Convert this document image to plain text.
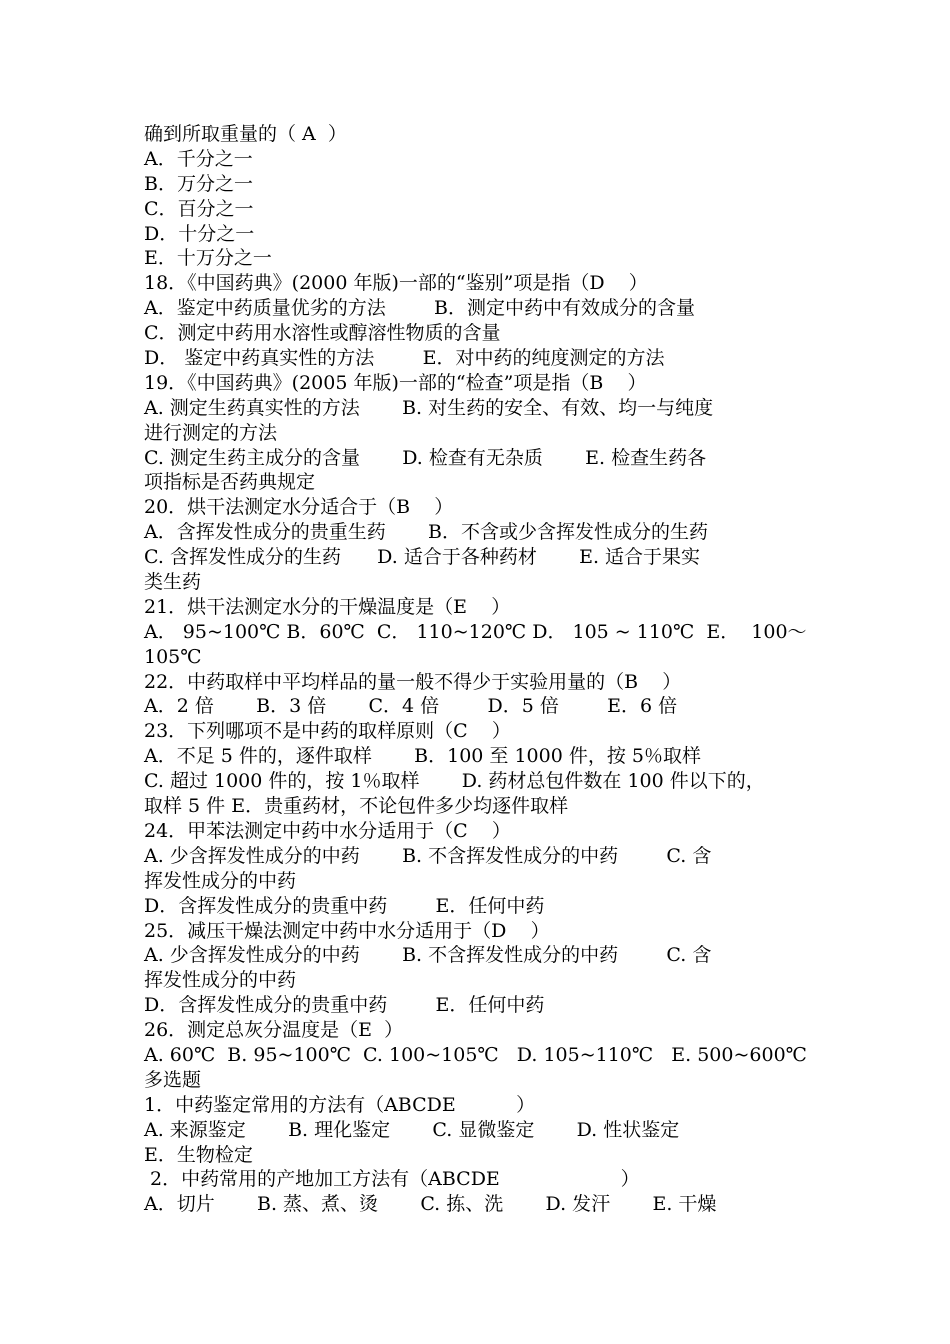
确到所取重量的（ A  ）
A．千分之一
B．万分之一
C．百分之一
D．十分之一
E．十万分之一
18．《中国药典》(2000 年版)一部的“鉴别”项是指（D    ）
A．鉴定中药质量优劣的方法        B．测定中药中有效成分的含量
C．测定中药用水溶性或醇溶性物质的含量
D． 鉴定中药真实性的方法        E．对中药的纯度测定的方法
19．《中国药典》(2005 年版)一部的“检查”项是指（B    ）
A. 测定生药真实性的方法       B. 对生药的安全、有效、均一与纯度
进行测定的方法
C. 测定生药主成分的含量       D. 检查有无杂质       E. 检查生药各
项指标是否药典规定
20．烘干法测定水分适合于（B    ）
A．含挥发性成分的贵重生药       B．不含或少含挥发性成分的生药
C. 含挥发性成分的生药      D. 适合于各种药材       E. 适合于果实
类生药
21．烘干法测定水分的干燥温度是（E    ）
A． 95~100℃ B．60℃  C． 110~120℃ D． 105 ~ 110℃  E．  100～
105℃
22．中药取样中平均样品的量一般不得少于实验用量的（B    ）
A．2 倍       B．3 倍       C．4 倍        D．5 倍        E．6 倍
23．下列哪项不是中药的取样原则（C    ）
A．不足 5 件的，逐件取样       B．100 至 1000 件，按 5％取样
C. 超过 1000 件的，按 1％取样       D. 药材总包件数在 100 件以下的，
取样 5 件 E．贵重药材，不论包件多少均逐件取样
24．甲苯法测定中药中水分适用于（C    ）
A. 少含挥发性成分的中药       B. 不含挥发性成分的中药        C. 含
挥发性成分的中药
D．含挥发性成分的贵重中药        E．任何中药
25．减压干燥法测定中药中水分适用于（D    ）
A. 少含挥发性成分的中药       B. 不含挥发性成分的中药        C. 含
挥发性成分的中药
D．含挥发性成分的贵重中药        E．任何中药
26．测定总灰分温度是（E  ）
A. 60℃  B. 95~100℃  C. 100~105℃   D. 105~110℃   E. 500~600℃
多选题
1．中药鉴定常用的方法有（ABCDE          ）
A. 来源鉴定       B. 理化鉴定       C. 显微鉴定       D. 性状鉴定
E．生物检定
2．中药常用的产地加工方法有（ABCDE                    ）
A．切片       B. 蒸、煮、烫       C. 拣、洗       D. 发汗       E. 干燥
